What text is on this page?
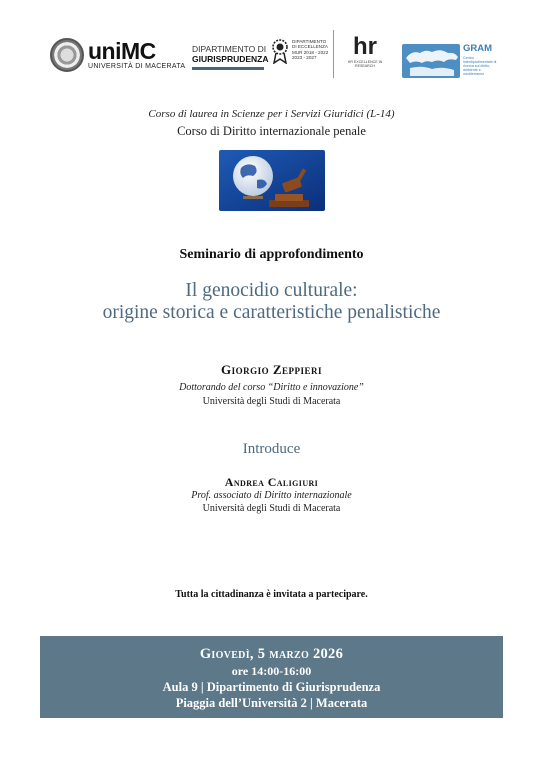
uniMC
UNIVERSITÀ DI MACERATA
DIPARTIMENTO DI
GIURISPRUDENZA
DIPARTIMENTO DI ECCELLENZA MUR 2018 - 2022 2023 - 2027	hr
HR EXCELLENCE IN RESEARCH
GRAM
Centro interdipartimentale di ricerca sul diritto, ambiente e mediterraneo
Corso di laurea in Scienze per i Servizi Giuridici (L-14)
Corso di Diritto internazionale penale
Seminario di approfondimento
Il genocidio culturale:
origine storica e caratteristiche penalistiche
Giorgio Zeppieri
Dottorando del corso “Diritto e innovazione”
Università degli Studi di Macerata
Introduce
Andrea Caligiuri
Prof. associato di Diritto internazionale
Università degli Studi di Macerata
Tutta la cittadinanza è invitata a partecipare.
Giovedì, 5 marzo 2026
ore 14:00-16:00
Aula 9 | Dipartimento di Giurisprudenza
Piaggia dell’Università 2 | Macerata
